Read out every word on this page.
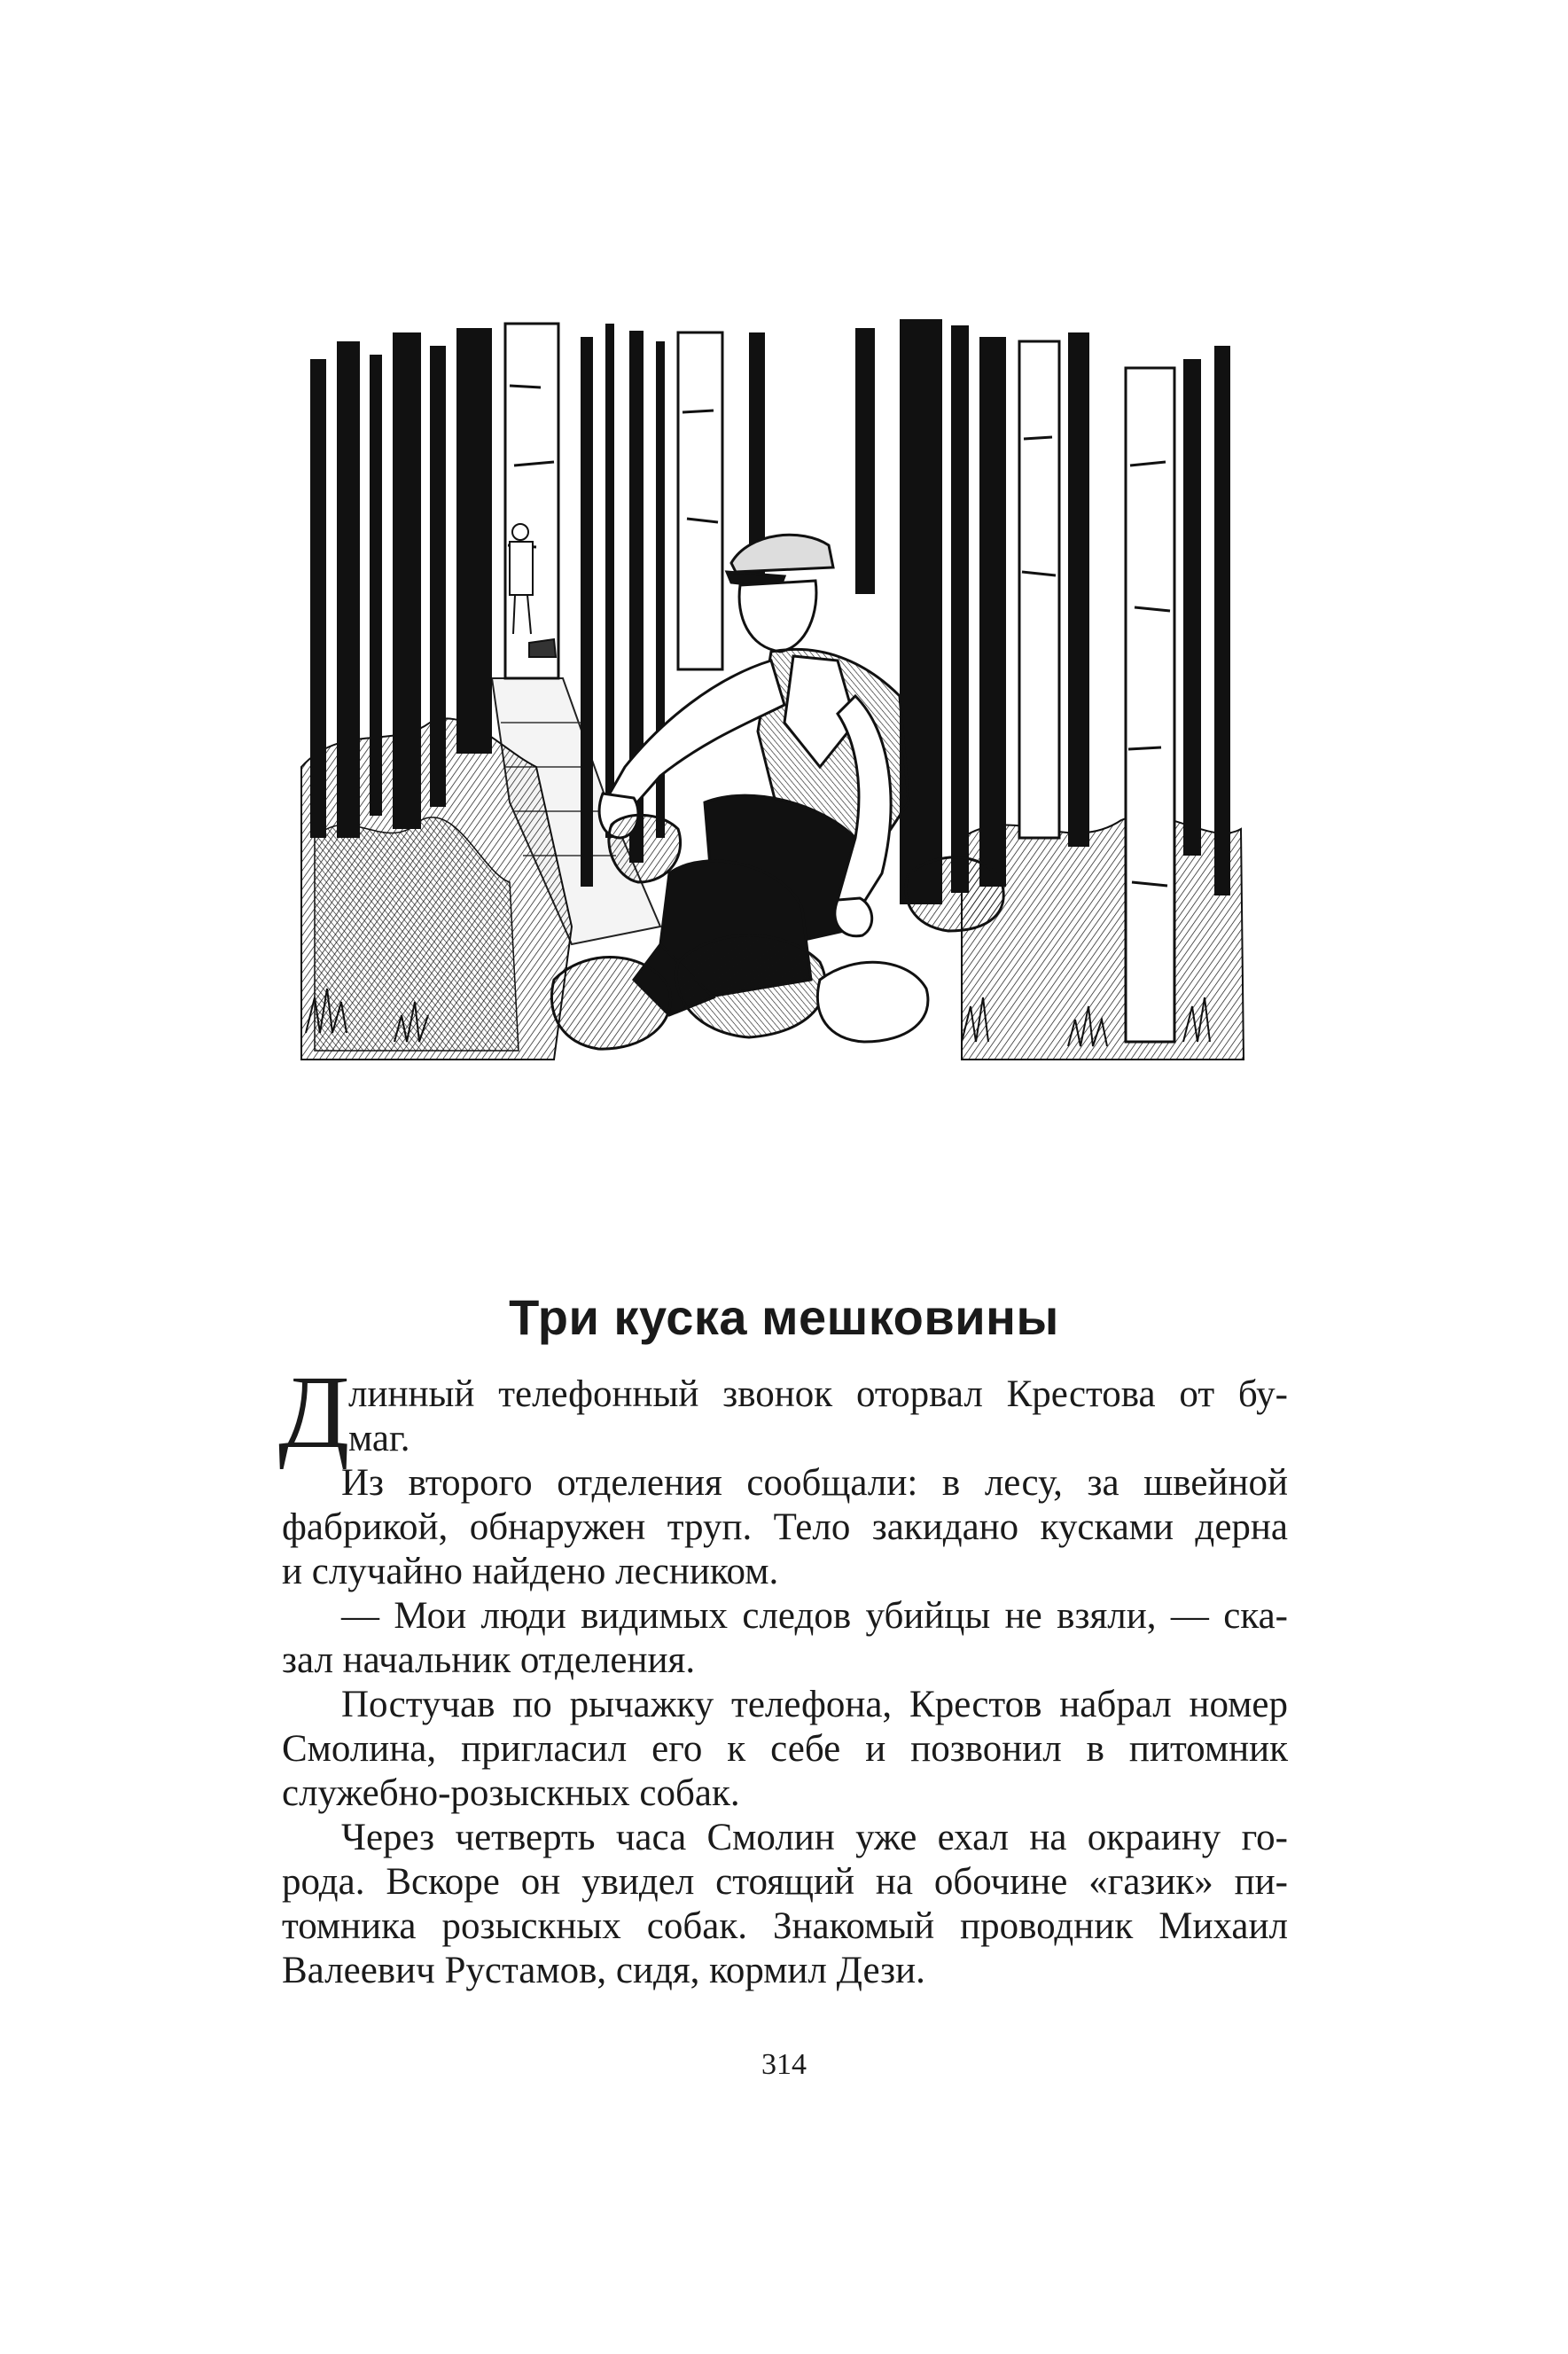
Три куска мешковины
Д
линный телефонный звонок оторвал Крестова от бу-
маг.
Из второго отделения сообщали: в лесу, за швейной
фабрикой, обнаружен труп. Тело закидано кусками дерна
и случайно найдено лесником.
— Мои люди видимых следов убийцы не взяли, — ска-
зал начальник отделения.
Постучав по рычажку телефона, Крестов набрал номер
Смолина, пригласил его к себе и позвонил в питомник
служебно-розыскных собак.
Через четверть часа Смолин уже ехал на окраину го-
рода. Вскоре он увидел стоящий на обочине «газик» пи-
томника розыскных собак. Знакомый проводник Михаил
Валеевич Рустамов, сидя, кормил Дези.
314
